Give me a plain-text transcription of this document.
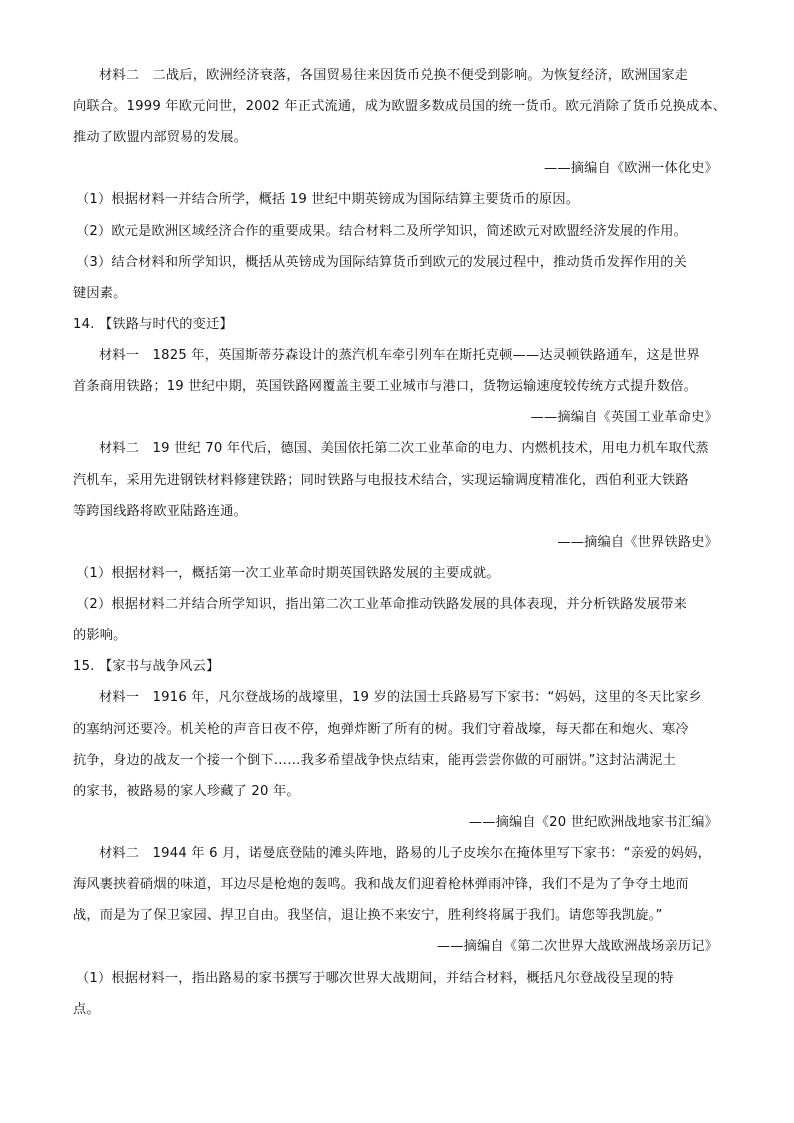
材料二　二战后，欧洲经济衰落，各国贸易往来因货币兑换不便受到影响。为恢复经济，欧洲国家走
向联合。1999 年欧元问世，2002 年正式流通，成为欧盟多数成员国的统一货币。欧元消除了货币兑换成本、
推动了欧盟内部贸易的发展。
——摘编自《欧洲一体化史》
（1）根据材料一并结合所学，概括 19 世纪中期英镑成为国际结算主要货币的原因。
（2）欧元是欧洲区域经济合作的重要成果。结合材料二及所学知识，简述欧元对欧盟经济发展的作用。
（3）结合材料和所学知识，概括从英镑成为国际结算货币到欧元的发展过程中，推动货币发挥作用的关
键因素。
14. 【铁路与时代的变迁】
材料一　1825 年，英国斯蒂芬森设计的蒸汽机车牵引列车在斯托克顿——达灵顿铁路通车，这是世界
首条商用铁路；19 世纪中期，英国铁路网覆盖主要工业城市与港口，货物运输速度较传统方式提升数倍。
——摘编自《英国工业革命史》
材料二　19 世纪 70 年代后，德国、美国依托第二次工业革命的电力、内燃机技术，用电力机车取代蒸
汽机车，采用先进钢铁材料修建铁路；同时铁路与电报技术结合，实现运输调度精准化，西伯利亚大铁路
等跨国线路将欧亚陆路连通。
——摘编自《世界铁路史》
（1）根据材料一，概括第一次工业革命时期英国铁路发展的主要成就。
（2）根据材料二并结合所学知识，指出第二次工业革命推动铁路发展的具体表现，并分析铁路发展带来
的影响。
15. 【家书与战争风云】
材料一　1916 年，凡尔登战场的战壕里，19 岁的法国士兵路易写下家书：“妈妈，这里的冬天比家乡
的塞纳河还要冷。机关枪的声音日夜不停，炮弹炸断了所有的树。我们守着战壕，每天都在和炮火、寒冷
抗争，身边的战友一个接一个倒下……我多希望战争快点结束，能再尝尝你做的可丽饼。”这封沾满泥土
的家书，被路易的家人珍藏了 20 年。
——摘编自《20 世纪欧洲战地家书汇编》
材料二　1944 年 6 月，诺曼底登陆的滩头阵地，路易的儿子皮埃尔在掩体里写下家书：“亲爱的妈妈，
海风裹挟着硝烟的味道，耳边尽是枪炮的轰鸣。我和战友们迎着枪林弹雨冲锋，我们不是为了争夺土地而
战，而是为了保卫家园、捍卫自由。我坚信，退让换不来安宁，胜利终将属于我们。请您等我凯旋。”
——摘编自《第二次世界大战欧洲战场亲历记》
（1）根据材料一，指出路易的家书撰写于哪次世界大战期间，并结合材料，概括凡尔登战役呈现的特
点。
